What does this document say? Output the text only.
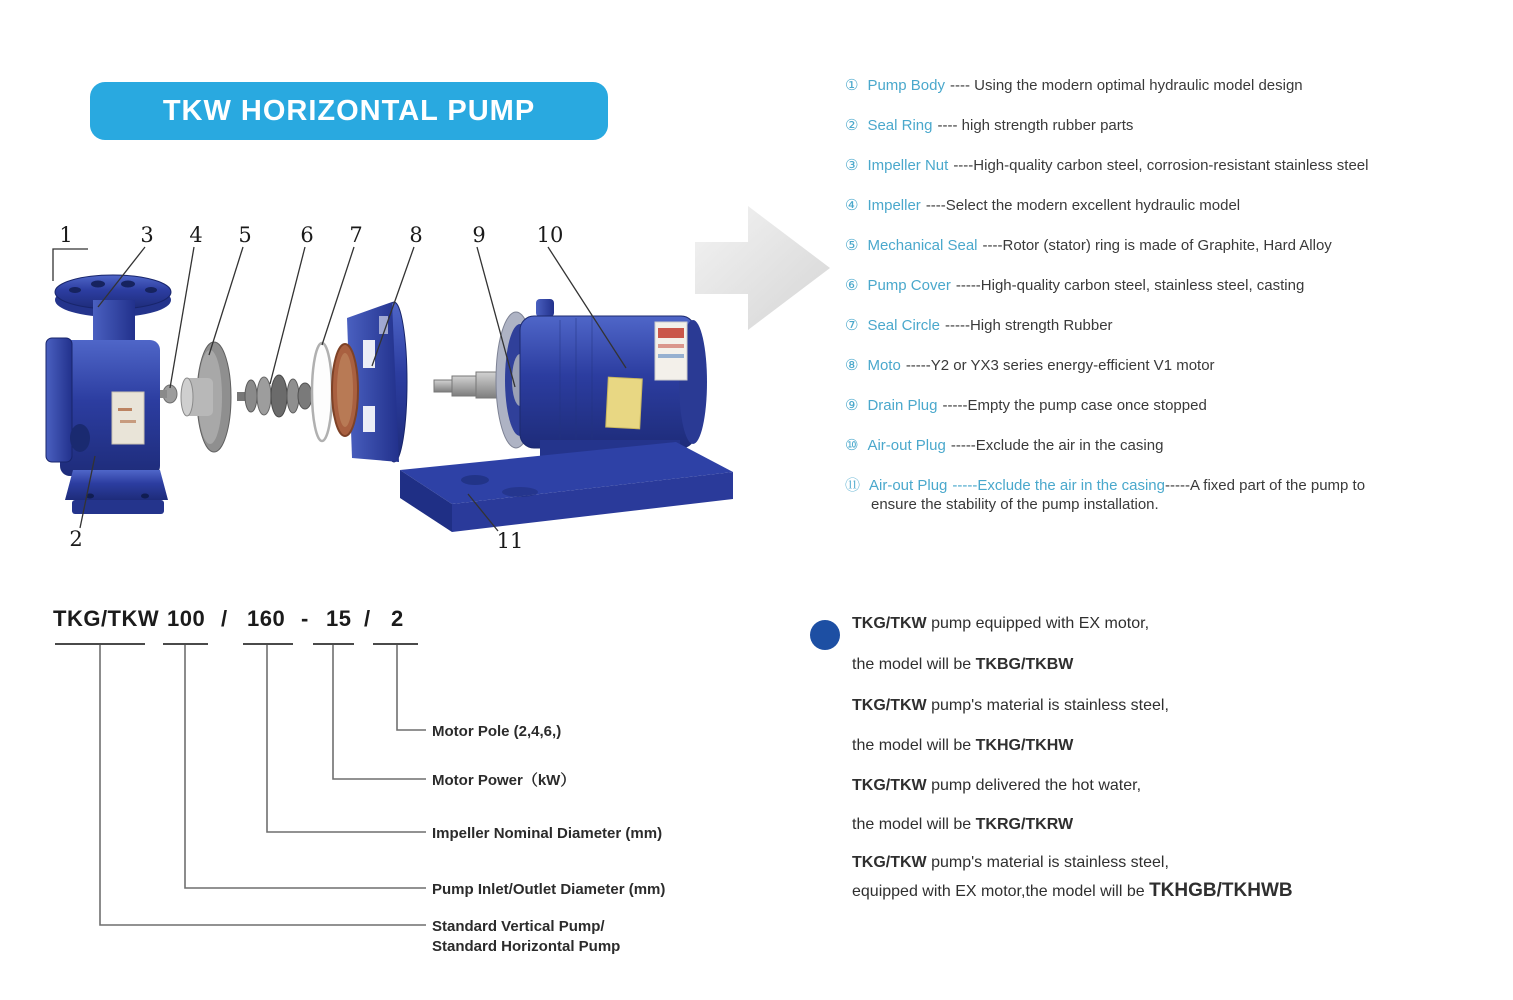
TKW HORIZONTAL PUMP
1	3 4 5 6 7 8 9 10
2	11
① Pump Body ---- Using the modern optimal hydraulic model design
② Seal Ring ---- high strength rubber parts
③ Impeller Nut ----High-quality carbon steel, corrosion-resistant stainless steel
④ Impeller ----Select the modern excellent hydraulic model
⑤ Mechanical Seal ----Rotor (stator) ring is made of Graphite, Hard Alloy
⑥ Pump Cover -----High-quality carbon steel, stainless steel, casting
⑦ Seal Circle -----High strength Rubber
⑧ Moto -----Y2 or YX3 series energy-efficient V1 motor
⑨ Drain Plug -----Empty the pump case once stopped
⑩ Air-out Plug -----Exclude the air in the casing
⑪ Air-out Plug -----Exclude the air in the casing-----A fixed part of the pump to
ensure the stability of the pump installation.
TKG/TKW 100 / 160 - 15 / 2
Motor Pole (2,4,6,)
Motor Power（kW）
Impeller Nominal Diameter (mm)
Pump Inlet/Outlet Diameter (mm)
Standard Vertical Pump/
Standard Horizontal Pump
TKG/TKW pump equipped with EX motor,
the model will be TKBG/TKBW
TKG/TKW pump's material is stainless steel,
the model will be TKHG/TKHW
TKG/TKW pump delivered the hot water,
the model will be TKRG/TKRW
TKG/TKW pump's material is stainless steel,
equipped with EX motor,the model will be TKHGB/TKHWB
